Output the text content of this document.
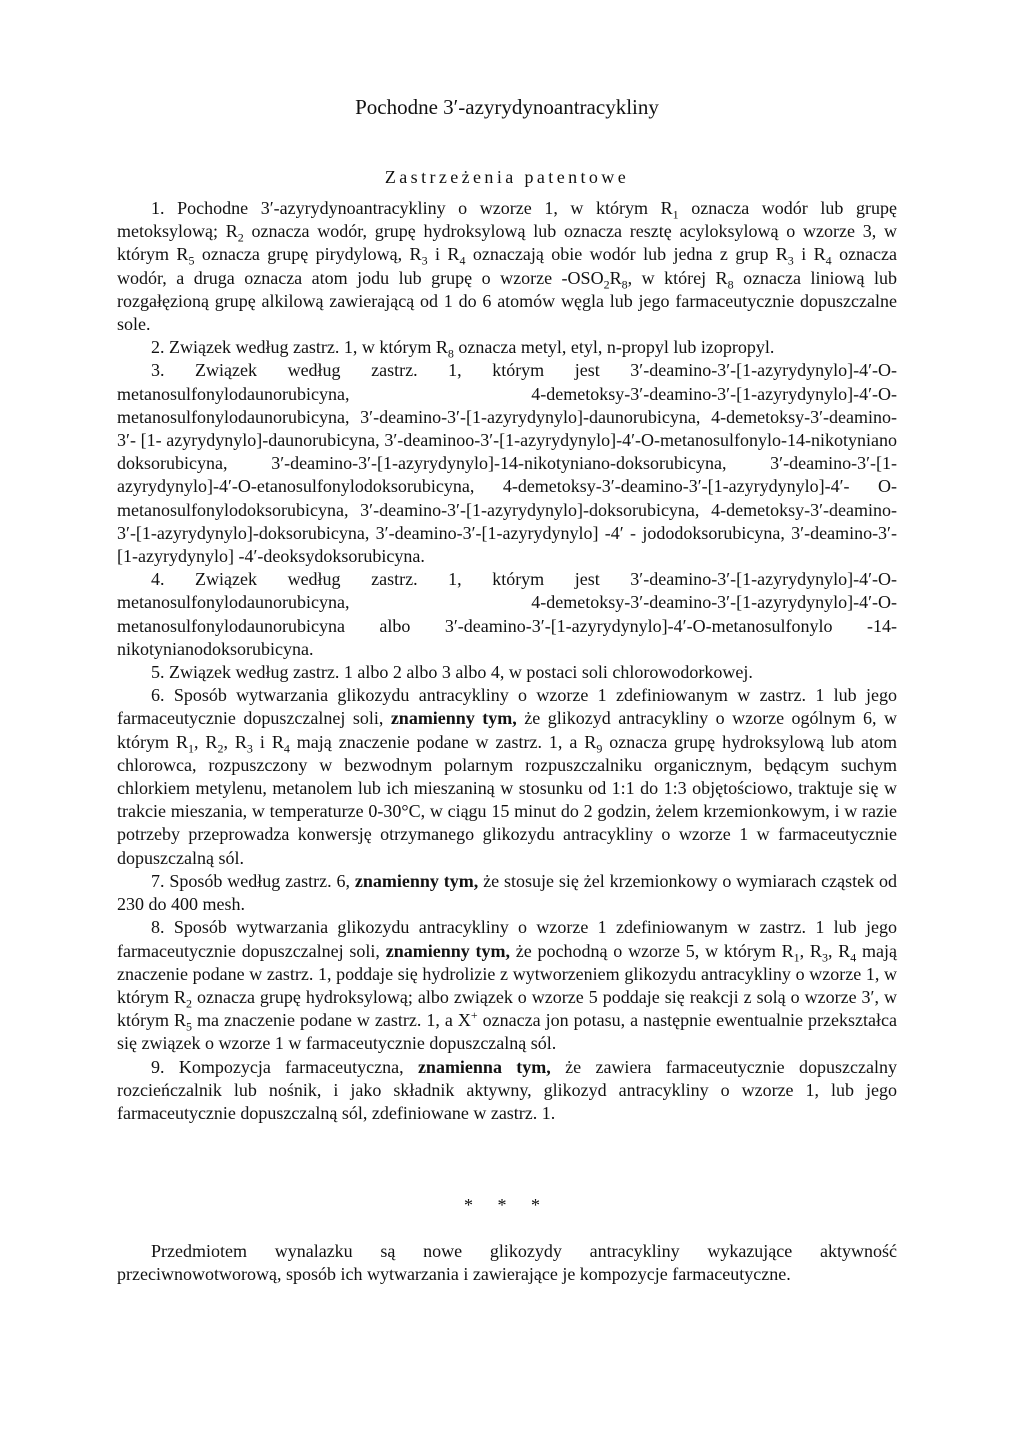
Pochodne 3′-azyrydynoantracykliny
Zastrzeżenia patentowe

1. Pochodne 3′-azyrydynoantracykliny o wzorze 1, w którym $R_1$ oznacza wodór lub grupę metoksylową; $R_2$ oznacza wodór, grupę hydroksylową lub oznacza resztę acyloksylową o wzorze 3, w którym $R_5$ oznacza grupę pirydylową, $R_3$ i $R_4$ oznaczają obie wodór lub jedna z grup $R_3$ i $R_4$ oznacza wodór, a druga oznacza atom jodu lub grupę o wzorze $-OSO_2R_8$, w której $R_8$ oznacza liniową lub rozgałęzioną grupę alkilową zawierającą od 1 do 6 atomów węgla lub jego farmaceutycznie dopuszczalne sole.

2. Związek według zastrz. 1, w którym $R_8$ oznacza metyl, etyl, n-propyl lub izopropyl.

3. Związek według zastrz. 1, którym jest 3′-deamino-3′-[1-azyrydynylo]-4′-O-metanosulfonylodaunorubicyna, 4-demetoksy-3′-deamino-3′-[1-azyrydynylo]-4′-O-metanosulfonylodaunorubicyna, 3′-deamino-3′-[1-azyrydynylo]-daunorubicyna, 4-demetoksy-3′-deamino-3′- [1- azyrydynylo]-daunorubicyna, 3′-deaminoo-3′-[1-azyrydynylo]-4′-O-metanosulfonylo-14-nikotyniano doksorubicyna, 3′-deamino-3′-[1-azyrydynylo]-14-nikotyniano-doksorubicyna, 3′-deamino-3′-[1-azyrydynylo]-4′-O-etanosulfonylodoksorubicyna, 4-demetoksy-3′-deamino-3′-[1-azyrydynylo]-4′- O-metanosulfonylodoksorubicyna, 3′-deamino-3′-[1-azyrydynylo]-doksorubicyna, 4-demetoksy-3′-deamino-3′-[1-azyrydynylo]-doksorubicyna, 3′-deamino-3′-[1-azyrydynylo] -4′ - jododoksorubicyna, 3′-deamino-3′-[1-azyrydynylo] -4′-deoksydoksorubicyna.

4. Związek według zastrz. 1, którym jest 3′-deamino-3′-[1-azyrydynylo]-4′-O-metanosulfonylodaunorubicyna, 4-demetoksy-3′-deamino-3′-[1-azyrydynylo]-4′-O-metanosulfonylodaunorubicyna albo 3′-deamino-3′-[1-azyrydynylo]-4′-O-metanosulfonylo -14-nikotynianodoksorubicyna.

5. Związek według zastrz. 1 albo 2 albo 3 albo 4, w postaci soli chlorowodorkowej.

6. Sposób wytwarzania glikozydu antracykliny o wzorze 1 zdefiniowanym w zastrz. 1 lub jego farmaceutycznie dopuszczalnej soli, znamienny tym, że glikozyd antracykliny o wzorze ogólnym 6, w którym $R_1$, $R_2$, $R_3$ i $R_4$ mają znaczenie podane w zastrz. 1, a $R_9$ oznacza grupę hydroksylową lub atom chlorowca, rozpuszczony w bezwodnym polarnym rozpuszczalniku organicznym, będącym suchym chlorkiem metylenu, metanolem lub ich mieszaniną w stosunku od 1:1 do 1:3 objętościowo, traktuje się w trakcie mieszania, w temperaturze 0-30°C, w ciągu 15 minut do 2 godzin, żelem krzemionkowym, i w razie potrzeby przeprowadza konwersję otrzymanego glikozydu antracykliny o wzorze 1 w farmaceutycznie dopuszczalną sól.

7. Sposób według zastrz. 6, znamienny tym, że stosuje się żel krzemionkowy o wymiarach cząstek od 230 do 400 mesh.

8. Sposób wytwarzania glikozydu antracykliny o wzorze 1 zdefiniowanym w zastrz. 1 lub jego farmaceutycznie dopuszczalnej soli, znamienny tym, że pochodną o wzorze 5, w którym $R_1$, $R_3$, $R_4$ mają znaczenie podane w zastrz. 1, poddaje się hydrolizie z wytworzeniem glikozydu antracykliny o wzorze 1, w którym $R_2$ oznacza grupę hydroksylową; albo związek o wzorze 5 poddaje się reakcji z solą o wzorze 3′, w którym $R_5$ ma znaczenie podane w zastrz. 1, a X+ oznacza jon potasu, a następnie ewentualnie przekształca się związek o wzorze 1 w farmaceutycznie dopuszczalną sól.

9. Kompozycja farmaceutyczna, znamienna tym, że zawiera farmaceutycznie dopuszczalny rozcieńczalnik lub nośnik, i jako składnik aktywny, glikozyd antracykliny o wzorze 1, lub jego farmaceutycznie dopuszczalną sól, zdefiniowane w zastrz. 1.

* * *

Przedmiotem wynalazku są nowe glikozydy antracykliny wykazujące aktywność przeciwnowotworową, sposób ich wytwarzania i zawierające je kompozycje farmaceutyczne.
